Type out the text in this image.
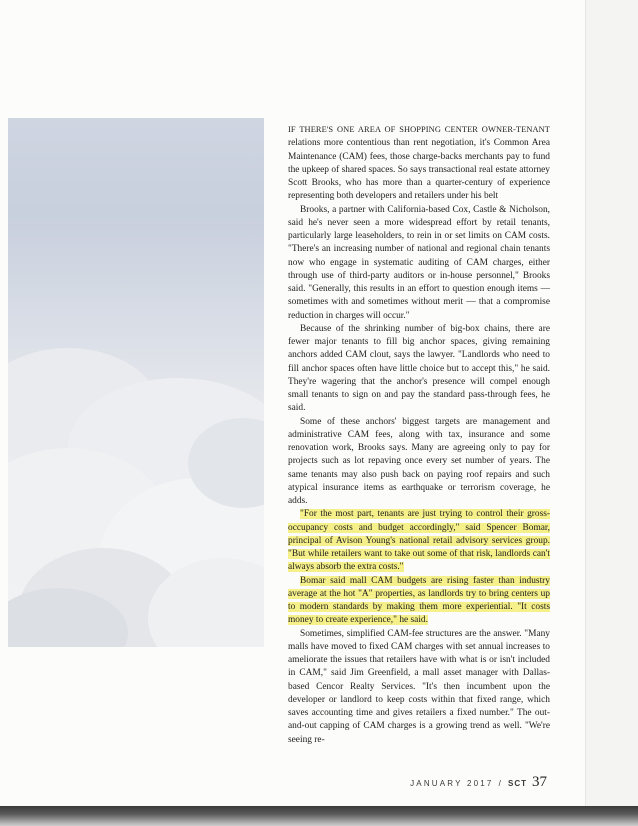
IF THERE'S ONE AREA OF SHOPPING CENTER OWNER-TENANT relations more contentious than rent negotiation, it's Common Area Maintenance (CAM) fees, those charge-backs merchants pay to fund the upkeep of shared spaces. So says transactional real estate attorney Scott Brooks, who has more than a quarter-century of experience representing both developers and retailers under his belt

Brooks, a partner with California-based Cox, Castle & Nicholson, said he's never seen a more widespread effort by retail tenants, particularly large leaseholders, to rein in or set limits on CAM costs. "There's an increasing number of national and regional chain tenants now who engage in systematic auditing of CAM charges, either through use of third-party auditors or in-house personnel," Brooks said. "Generally, this results in an effort to question enough items — sometimes with and sometimes without merit — that a compromise reduction in charges will occur."

Because of the shrinking number of big-box chains, there are fewer major tenants to fill big anchor spaces, giving remaining anchors added CAM clout, says the lawyer. "Landlords who need to fill anchor spaces often have little choice but to accept this," he said. They're wagering that the anchor's presence will compel enough small tenants to sign on and pay the standard pass-through fees, he said.

Some of these anchors' biggest targets are management and administrative CAM fees, along with tax, insurance and some renovation work, Brooks says. Many are agreeing only to pay for projects such as lot repaving once every set number of years. The same tenants may also push back on paying roof repairs and such atypical insurance items as earthquake or terrorism coverage, he adds.

"For the most part, tenants are just trying to control their gross-occupancy costs and budget accordingly," said Spencer Bomar, principal of Avison Young's national retail advisory services group. "But while retailers want to take out some of that risk, landlords can't always absorb the extra costs."

Bomar said mall CAM budgets are rising faster than industry average at the hot "A" properties, as landlords try to bring centers up to modern standards by making them more experiential. "It costs money to create experience," he said.

Sometimes, simplified CAM-fee structures are the answer. "Many malls have moved to fixed CAM charges with set annual increases to ameliorate the issues that retailers have with what is or isn't included in CAM," said Jim Greenfield, a mall asset manager with Dallas-based Cencor Realty Services. "It's then incumbent upon the developer or landlord to keep costs within that fixed range, which saves accounting time and gives retailers a fixed number." The out-and-out capping of CAM charges is a growing trend as well. "We're seeing re-

JANUARY 2017 / SCT 37
